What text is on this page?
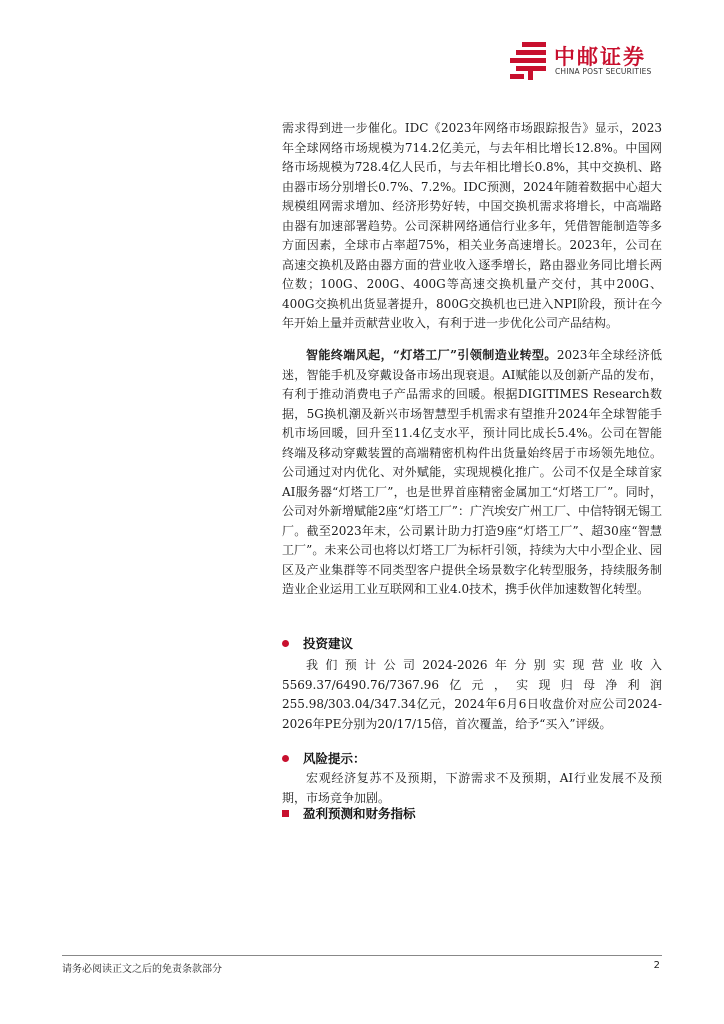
中邮证券
CHINA POST SECURITIES
需求得到进一步催化。IDC《2023年网络市场跟踪报告》显示，2023年全球网络市场规模为714.2亿美元，与去年相比增长12.8%。中国网络市场规模为728.4亿人民币，与去年相比增长0.8%，其中交换机、路由器市场分别增长0.7%、7.2%。IDC预测，2024年随着数据中心超大规模组网需求增加、经济形势好转，中国交换机需求将增长，中高端路由器有加速部署趋势。公司深耕网络通信行业多年，凭借智能制造等多方面因素，全球市占率超75%，相关业务高速增长。2023年，公司在高速交换机及路由器方面的营业收入逐季增长，路由器业务同比增长两位数；100G、200G、400G等高速交换机量产交付，其中200G、400G交换机出货显著提升，800G交换机也已进入NPI阶段，预计在今年开始上量并贡献营业收入，有利于进一步优化公司产品结构。
智能终端风起，“灯塔工厂”引领制造业转型。2023年全球经济低迷，智能手机及穿戴设备市场出现衰退。AI赋能以及创新产品的发布，有利于推动消费电子产品需求的回暖。根据DIGITIMES Research数据，5G换机潮及新兴市场智慧型手机需求有望推升2024年全球智能手机市场回暖，回升至11.4亿支水平，预计同比成长5.4%。公司在智能终端及移动穿戴装置的高端精密机构件出货量始终居于市场领先地位。公司通过对内优化、对外赋能，实现规模化推广。公司不仅是全球首家AI服务器“灯塔工厂”，也是世界首座精密金属加工“灯塔工厂”。同时，公司对外新增赋能2座“灯塔工厂”：广汽埃安广州工厂、中信特钢无锡工厂。截至2023年末，公司累计助力打造9座“灯塔工厂”、超30座“智慧工厂”。未来公司也将以灯塔工厂为标杆引领，持续为大中小型企业、园区及产业集群等不同类型客户提供全场景数字化转型服务，持续服务制造业企业运用工业互联网和工业4.0技术，携手伙伴加速数智化转型。
投资建议
我们预计公司2024-2026年分别实现营业收入5569.37/6490.76/7367.96亿元，实现归母净利润255.98/303.04/347.34亿元，2024年6月6日收盘价对应公司2024-2026年PE分别为20/17/15倍，首次覆盖，给予“买入”评级。
风险提示：
宏观经济复苏不及预期，下游需求不及预期，AI行业发展不及预期，市场竞争加剧。
盈利预测和财务指标
请务必阅读正文之后的免责条款部分	2
